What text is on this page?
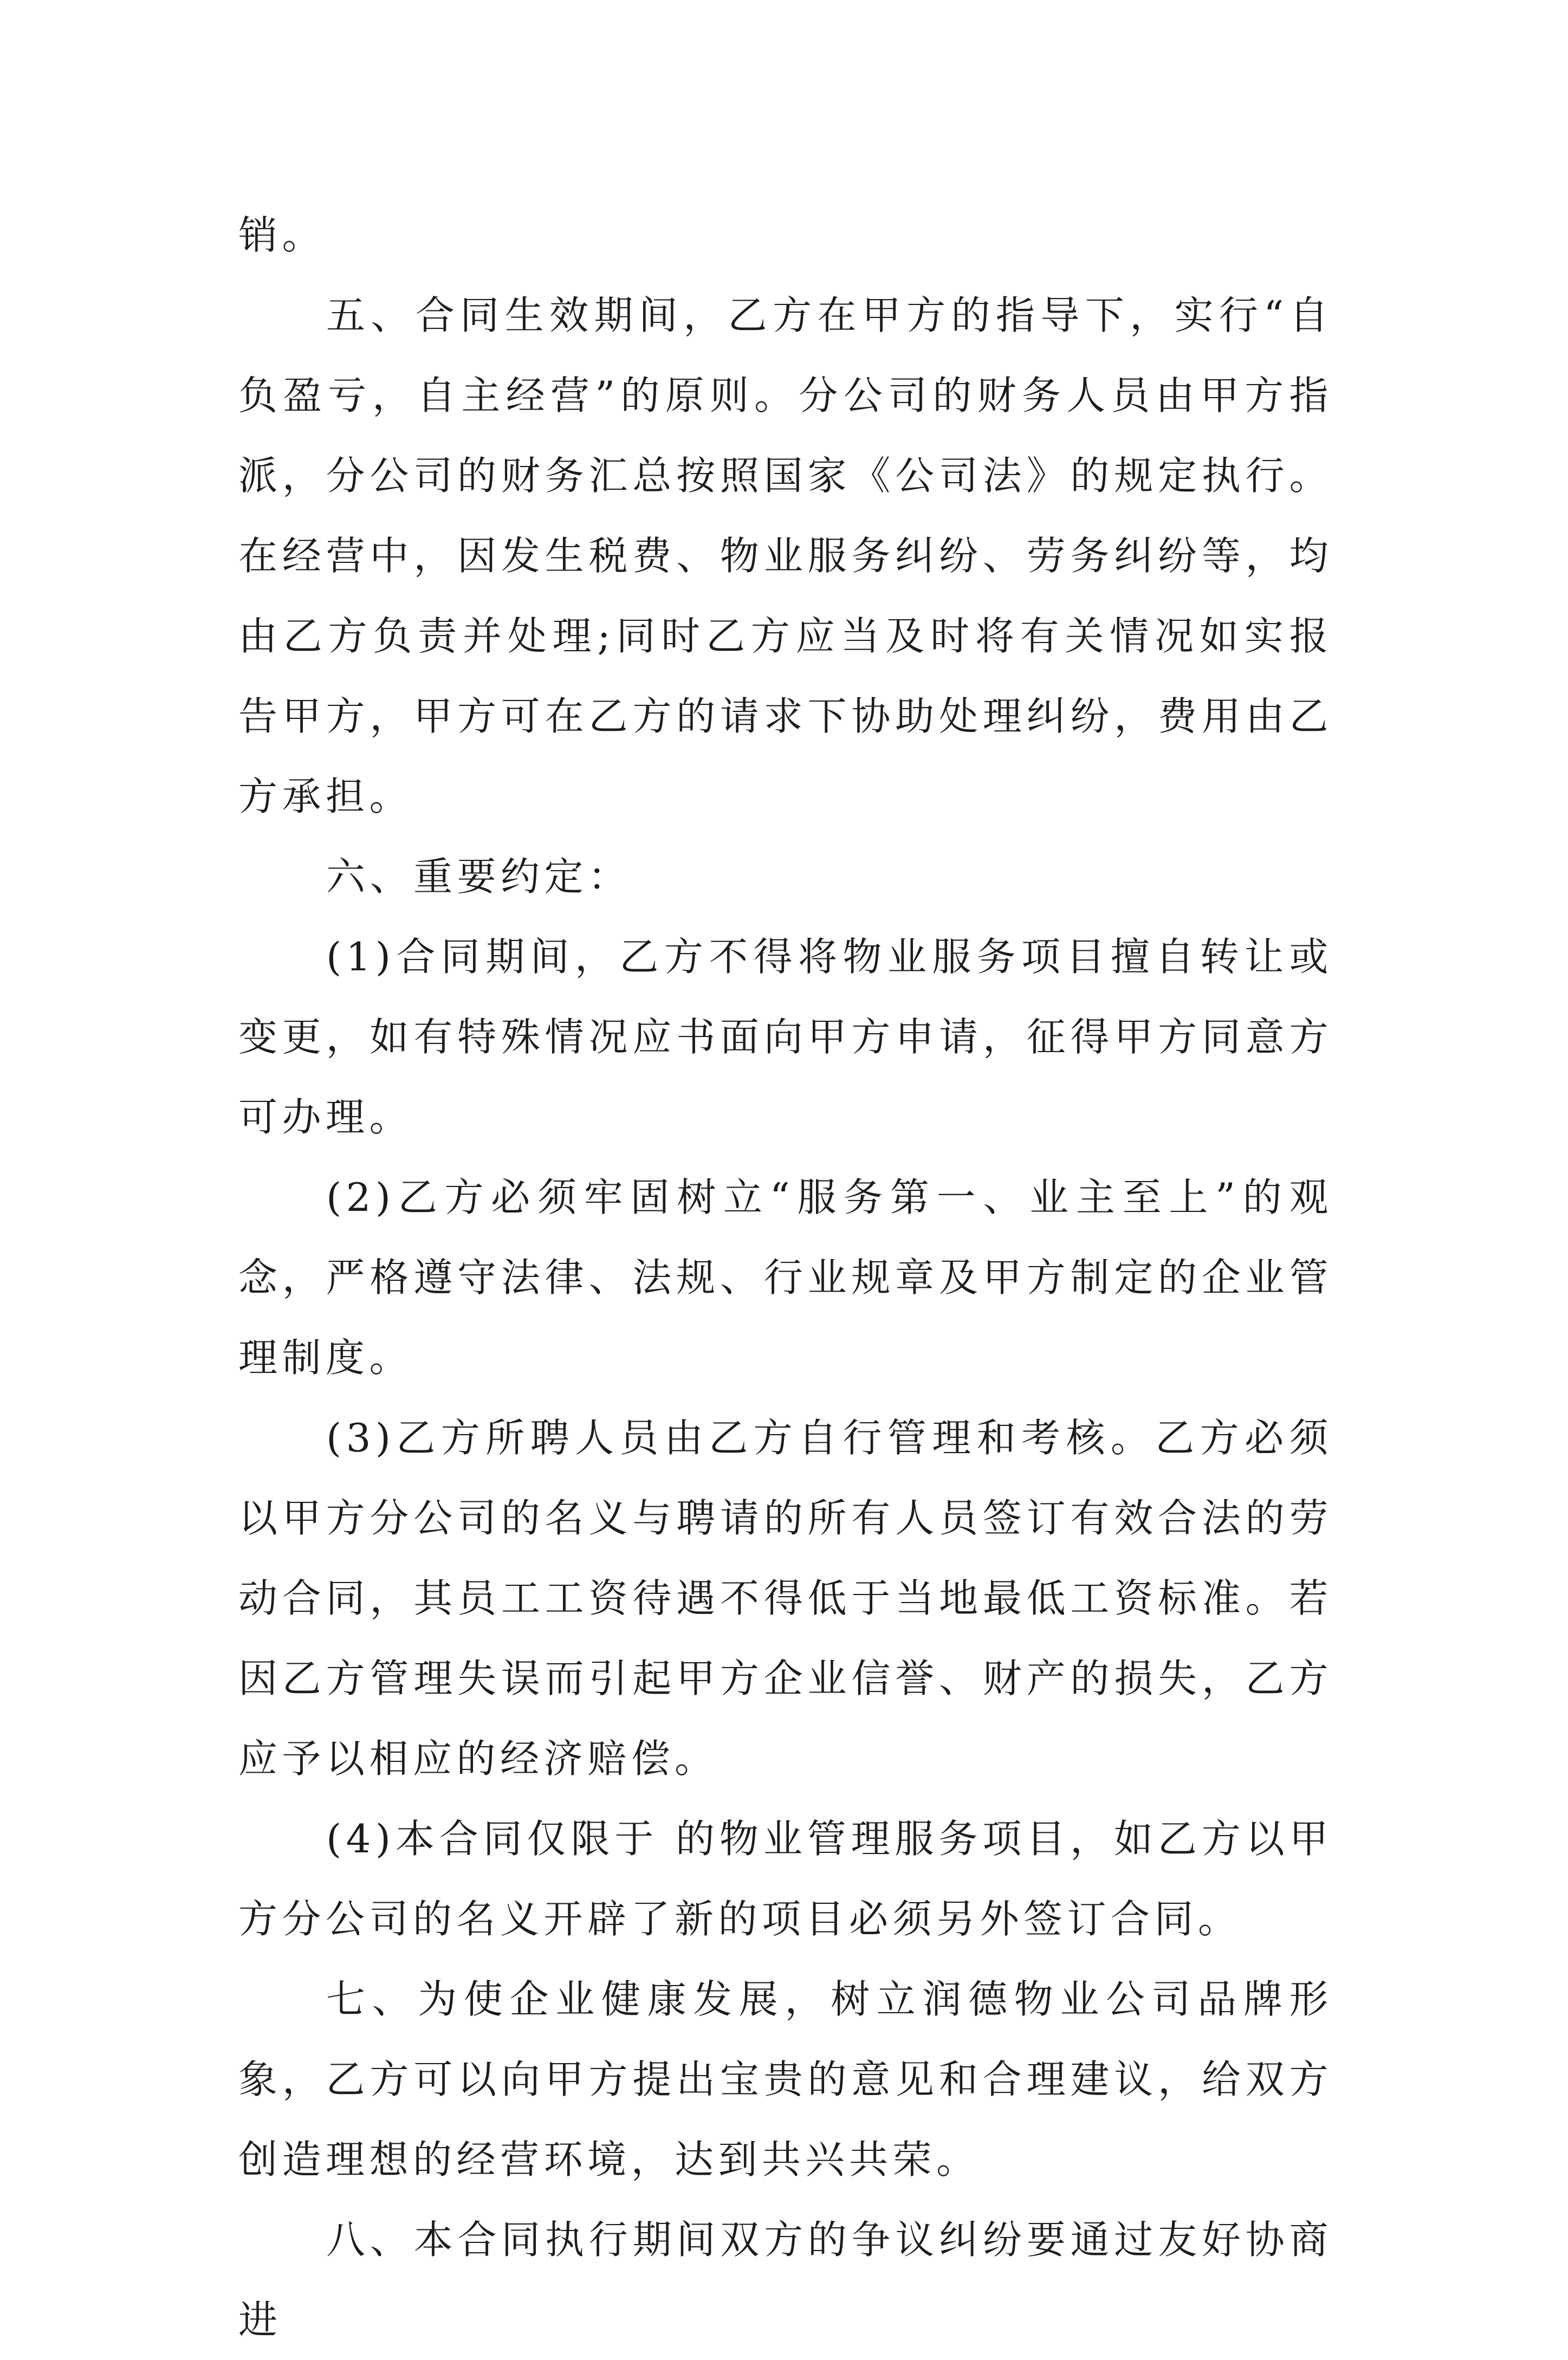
销。

五、合同生效期间，乙方在甲方的指导下，实行“自负盈亏，自主经营”的原则。分公司的财务人员由甲方指派，分公司的财务汇总按照国家《公司法》的规定执行。在经营中，因发生税费、物业服务纠纷、劳务纠纷等，均由乙方负责并处理;同时乙方应当及时将有关情况如实报告甲方，甲方可在乙方的请求下协助处理纠纷，费用由乙方承担。

六、重要约定：

(1)合同期间，乙方不得将物业服务项目擅自转让或变更，如有特殊情况应书面向甲方申请，征得甲方同意方可办理。

(2)乙方必须牢固树立“服务第一、业主至上”的观念，严格遵守法律、法规、行业规章及甲方制定的企业管理制度。

(3)乙方所聘人员由乙方自行管理和考核。乙方必须以甲方分公司的名义与聘请的所有人员签订有效合法的劳动合同，其员工工资待遇不得低于当地最低工资标准。若因乙方管理失误而引起甲方企业信誉、财产的损失，乙方应予以相应的经济赔偿。

(4)本合同仅限于 的物业管理服务项目，如乙方以甲方分公司的名义开辟了新的项目必须另外签订合同。

七、为使企业健康发展，树立润德物业公司品牌形象，乙方可以向甲方提出宝贵的意见和合理建议，给双方创造理想的经营环境，达到共兴共荣。

八、本合同执行期间双方的争议纠纷要通过友好协商进
